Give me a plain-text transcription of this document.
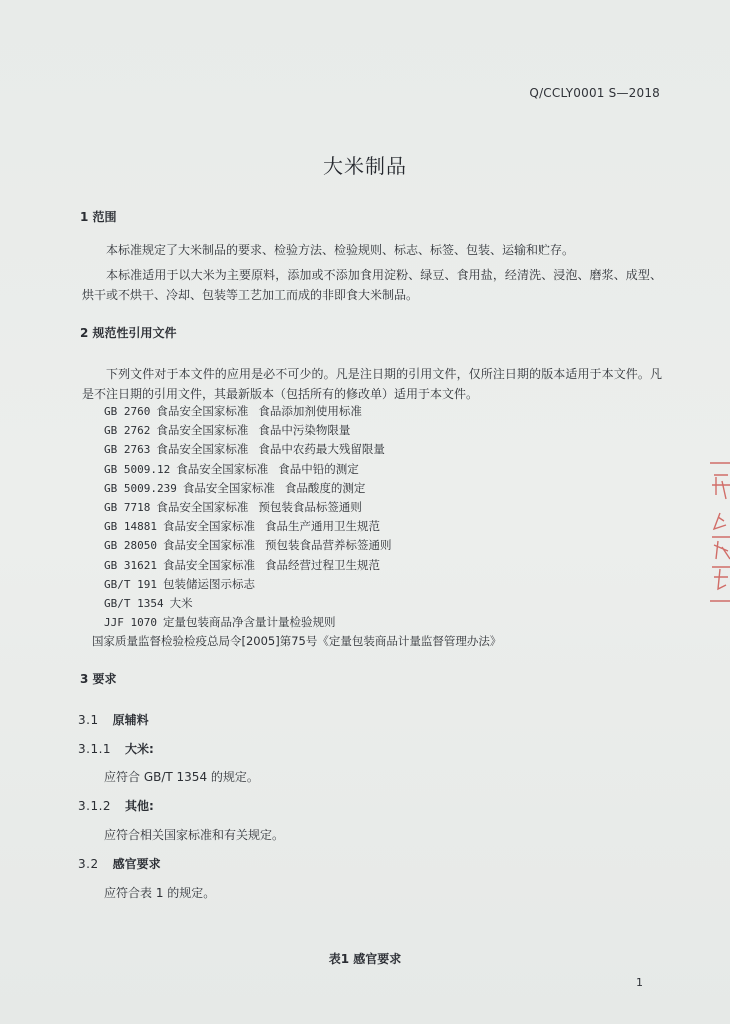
Q/CCLY0001 S—2018
大米制品
1 范围
本标准规定了大米制品的要求、检验方法、检验规则、标志、标签、包装、运输和贮存。
本标准适用于以大米为主要原料，添加或不添加食用淀粉、绿豆、食用盐，经清洗、浸泡、磨浆、成型、烘干或不烘干、冷却、包装等工艺加工而成的非即食大米制品。
2 规范性引用文件
下列文件对于本文件的应用是必不可少的。凡是注日期的引用文件，仅所注日期的版本适用于本文件。凡是不注日期的引用文件，其最新版本（包括所有的修改单）适用于本文件。
GB 2760 食品安全国家标准 食品添加剂使用标准
GB 2762 食品安全国家标准 食品中污染物限量
GB 2763 食品安全国家标准 食品中农药最大残留限量
GB 5009.12 食品安全国家标准 食品中铅的测定
GB 5009.239 食品安全国家标准 食品酸度的测定
GB 7718 食品安全国家标准 预包装食品标签通则
GB 14881 食品安全国家标准 食品生产通用卫生规范
GB 28050 食品安全国家标准 预包装食品营养标签通则
GB 31621 食品安全国家标准 食品经营过程卫生规范
GB/T 191 包装储运图示标志
GB/T 1354 大米
JJF 1070 定量包装商品净含量计量检验规则
国家质量监督检验检疫总局令[2005]第75号《定量包装商品计量监督管理办法》
3 要求
3.1 原辅料
3.1.1 大米:
应符合 GB/T 1354 的规定。
3.1.2 其他:
应符合相关国家标准和有关规定。
3.2 感官要求
应符合表 1 的规定。
表1 感官要求
1
